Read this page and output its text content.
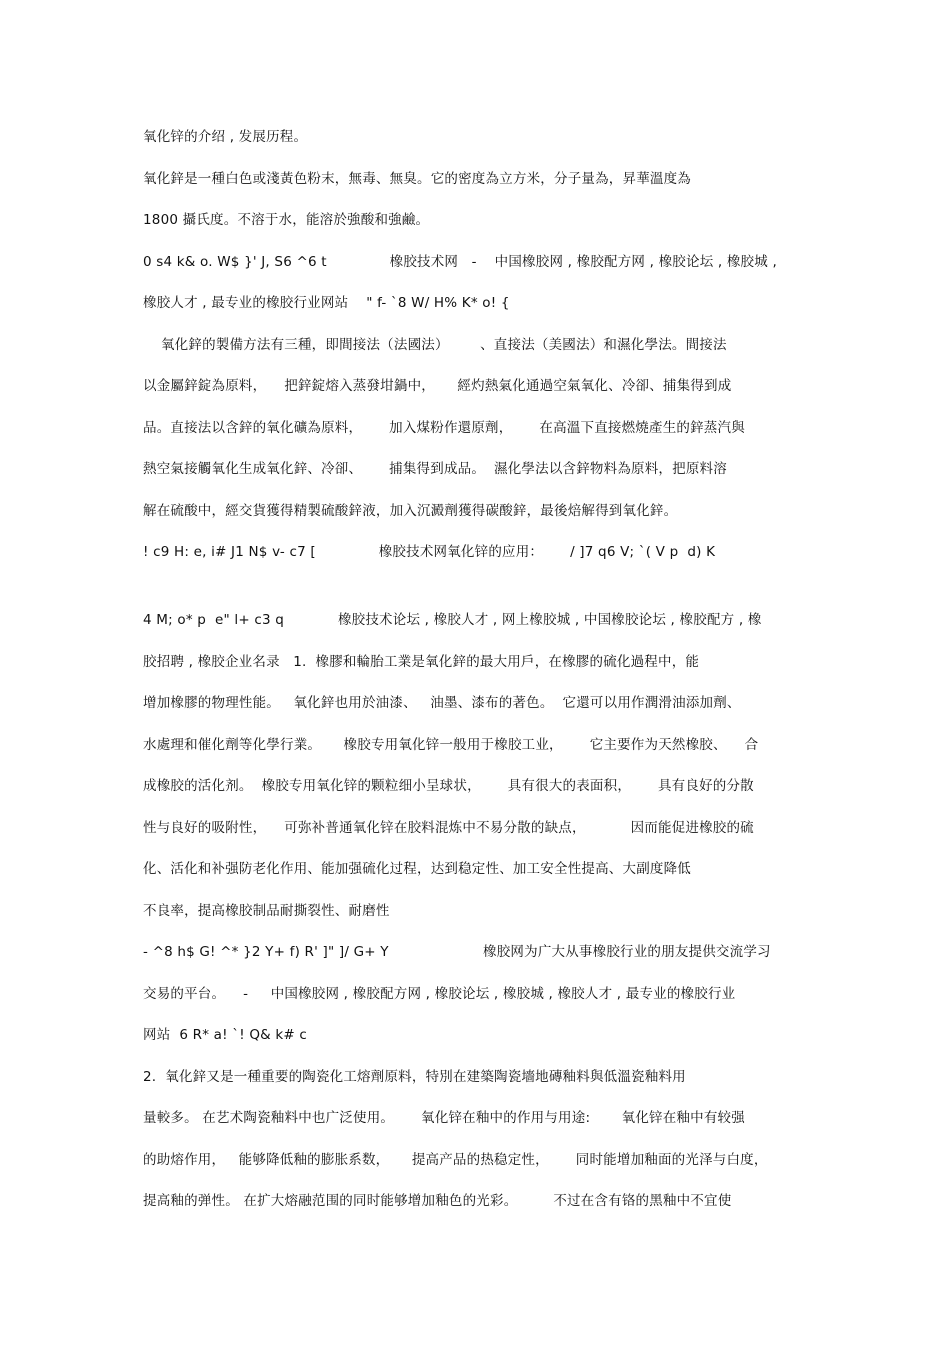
氧化锌的介绍 , 发展历程。
氧化鋅是一種白色或淺黃色粉末，無毒、無臭。它的密度為立方米，分子量為，昇華溫度為
1800 攝氏度。不溶于水，能溶於強酸和強鹼。
0 s4 k& o. W$ }' J, S6 ^6 t              橡胶技术网   -    中国橡胶网 , 橡胶配方网 , 橡胶论坛 , 橡胶城 ,
橡胶人才 , 最专业的橡胶行业网站    " f- `8 W/ H% K* o! {
氧化鋅的製備方法有三種，即間接法（法國法）       、直接法（美國法）和濕化學法。間接法
以金屬鋅錠為原料，    把鋅錠熔入蒸發坩鍋中，     經灼熱氣化通過空氣氧化、冷卻、捕集得到成
品。直接法以含鋅的氧化礦為原料，      加入煤粉作還原劑，      在高溫下直接燃燒產生的鋅蒸汽與
熱空氣接觸氧化生成氧化鋅、冷卻、      捕集得到成品。  濕化學法以含鋅物料為原料，把原料溶
解在硫酸中，經交貨獲得精製硫酸鋅液，加入沉澱劑獲得碳酸鋅，最後焙解得到氧化鋅。
! c9 H: e, i# J1 N$ v- c7 [              橡胶技术网氧化锌的应用：      / ]7 q6 V; `( V p  d) K
4 M; o* p  e" l+ c3 q            橡胶技术论坛 , 橡胶人才 , 网上橡胶城 , 中国橡胶论坛 , 橡胶配方 , 橡
胶招聘 , 橡胶企业名录   1.  橡膠和輪胎工業是氧化鋅的最大用戶，在橡膠的硫化過程中，能
增加橡膠的物理性能。   氧化鋅也用於油漆、   油墨、漆布的著色。  它還可以用作潤滑油添加劑、
水處理和催化劑等化學行業。     橡胶专用氧化锌一般用于橡胶工业，      它主要作为天然橡胶、    合
成橡胶的活化剂。  橡胶专用氧化锌的颗粒细小呈球状，      具有很大的表面积，      具有良好的分散
性与良好的吸附性，    可弥补普通氧化锌在胶料混炼中不易分散的缺点，          因而能促进橡胶的硫
化、活化和补强防老化作用、能加强硫化过程，达到稳定性、加工安全性提高、大副度降低
不良率，提高橡胶制品耐撕裂性、耐磨性
- ^8 h$ G! ^* }2 Y+ f) R' ]" ]/ G+ Y                     橡胶网为广大从事橡胶行业的朋友提供交流学习
交易的平台。    -     中国橡胶网 , 橡胶配方网 , 橡胶论坛 , 橡胶城 , 橡胶人才 , 最专业的橡胶行业
网站  6 R* a! `! Q& k# c
2.  氧化鋅又是一種重要的陶瓷化工熔劑原料，特別在建築陶瓷墻地磚釉料與低溫瓷釉料用
量較多。 在艺术陶瓷釉料中也广泛使用。      氧化锌在釉中的作用与用途:       氧化锌在釉中有较强
的助熔作用，   能够降低釉的膨胀系数，     提高产品的热稳定性，      同时能增加釉面的光泽与白度，
提高釉的弹性。 在扩大熔融范围的同时能够增加釉色的光彩。        不过在含有铬的黑釉中不宜使
